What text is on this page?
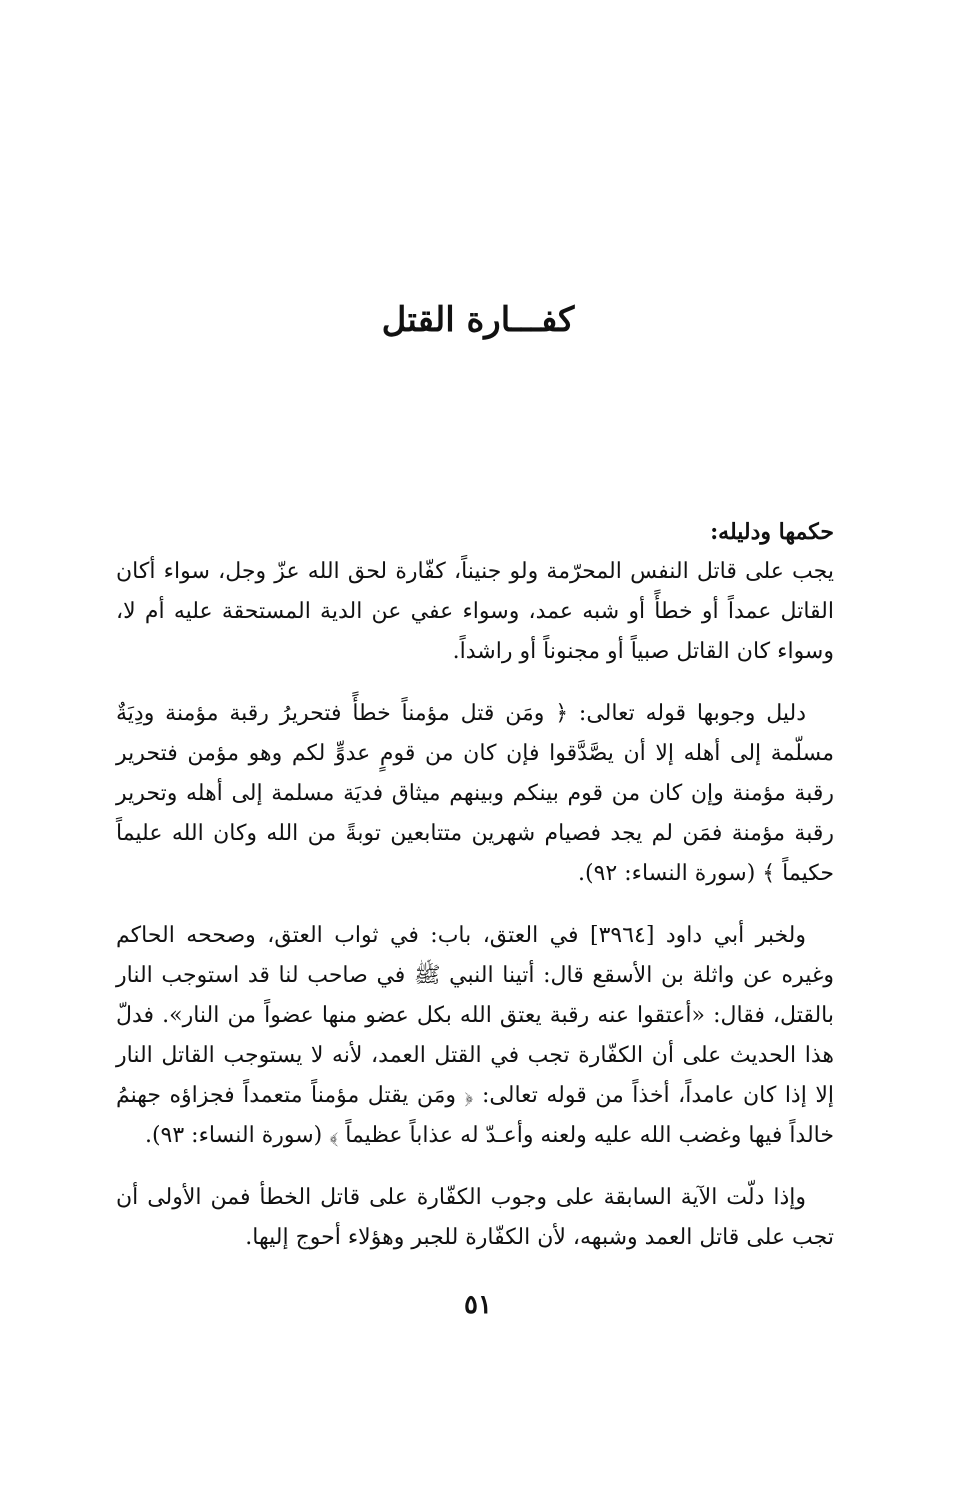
كفـــارة القتل

حكمها ودليله:

يجب على قاتل النفس المحرّمة ولو جنيناً، كفّارة لحق الله عزّ وجل، سواء أكان القاتل عمداً أو خطأً أو شبه عمد، وسواء عفي عن الدية المستحقة عليه أم لا، وسواء كان القاتل صبياً أو مجنوناً أو راشداً.

دليل وجوبها قوله تعالى: ﴿ ومَن قتل مؤمناً خطأً فتحريرُ رقبة مؤمنة ودِيَةٌ مسلّمة إلى أهله إلا أن يصَّدَّقوا فإن كان من قومٍ عدوٍّ لكم وهو مؤمن فتحرير رقبة مؤمنة وإن كان من قوم بينكم وبينهم ميثاق فديَة مسلمة إلى أهله وتحرير رقبة مؤمنة فمَن لم يجد فصيام شهرين متتابعين توبةً من الله وكان الله عليماً حكيماً ﴾ (سورة النساء: ٩٢).

ولخبر أبي داود [٣٩٦٤] في العتق، باب: في ثواب العتق، وصححه الحاكم وغيره عن واثلة بن الأسقع قال: أتينا النبي ﷺ في صاحب لنا قد استوجب النار بالقتل، فقال: «أعتقوا عنه رقبة يعتق الله بكل عضو منها عضواً من النار». فدلّ هذا الحديث على أن الكفّارة تجب في القتل العمد، لأنه لا يستوجب القاتل النار إلا إذا كان عامداً، أخذاً من قوله تعالى: ﴿ ومَن يقتل مؤمناً متعمداً فجزاؤه جهنمُ خالداً فيها وغضب الله عليه ولعنه وأعـدّ له عذاباً عظيماً ﴾ (سورة النساء: ٩٣).

وإذا دلّت الآية السابقة على وجوب الكفّارة على قاتل الخطأ فمن الأولى أن تجب على قاتل العمد وشبهه، لأن الكفّارة للجبر وهؤلاء أحوج إليها.

٥١
